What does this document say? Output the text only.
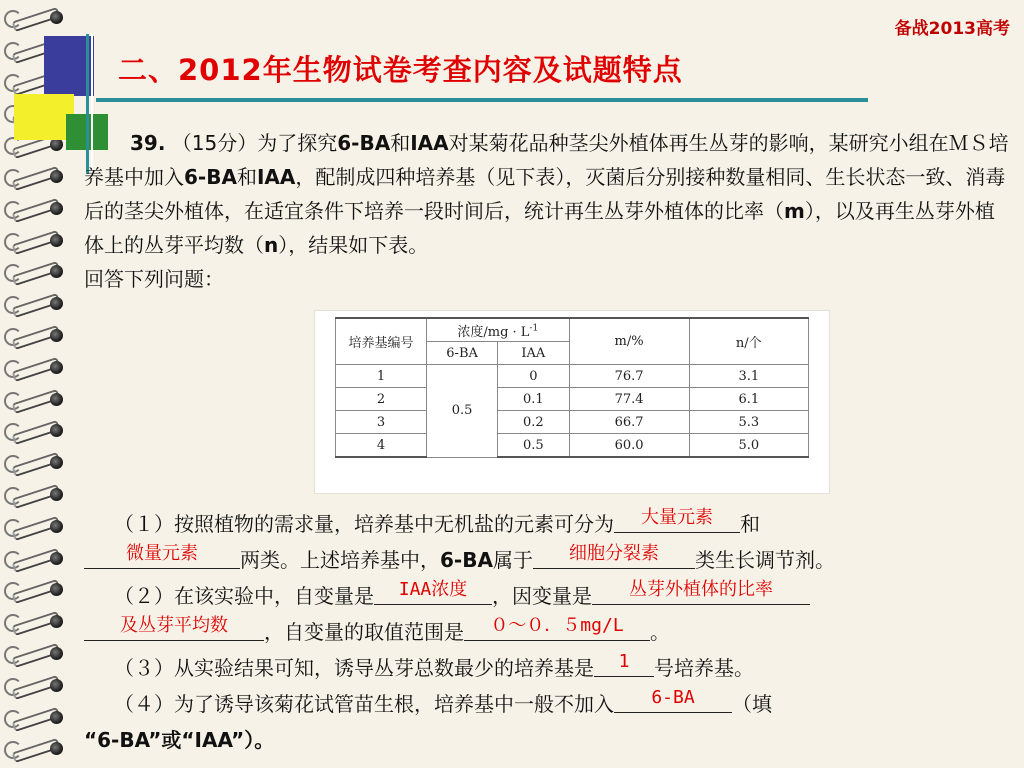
备战2013高考
二、2012年生物试卷考查内容及试题特点
39. （15分）为了探究6-BA和IAA对某菊花品种茎尖外植体再生丛芽的影响，某研究小组在ＭＳ培养基中加入6-BA和IAA，配制成四种培养基（见下表），灭菌后分别接种数量相同、生长状态一致、消毒后的茎尖外植体，在适宜条件下培养一段时间后，统计再生丛芽外植体的比率（m），以及再生丛芽外植体上的丛芽平均数（n），结果如下表。
回答下列问题：
培养基编号	浓度$/mg \cdot L^{-1}$		m/%	n/个
	6-BA	IAA		
1	0.5	0	76.7	3.1
2		0.1	77.4	6.1
3		0.2	66.7	5.3
4		0.5	60.0	5.0
（１）按照植物的需求量，培养基中无机盐的元素可分为 大量元素 和
微量元素 两类。上述培养基中，6-BA属于 细胞分裂素 类生长调节剂。
（２）在该实验中，自变量是 IAA浓度 ，因变量是 丛芽外植体的比率
及丛芽平均数 ，自变量的取值范围是 ０～０．５mg/L 。
（３）从实验结果可知，诱导丛芽总数最少的培养基是 1 号培养基。
（４）为了诱导该菊花试管苗生根，培养基中一般不加入 6-BA （填
“6-BA”或“IAA”）。
